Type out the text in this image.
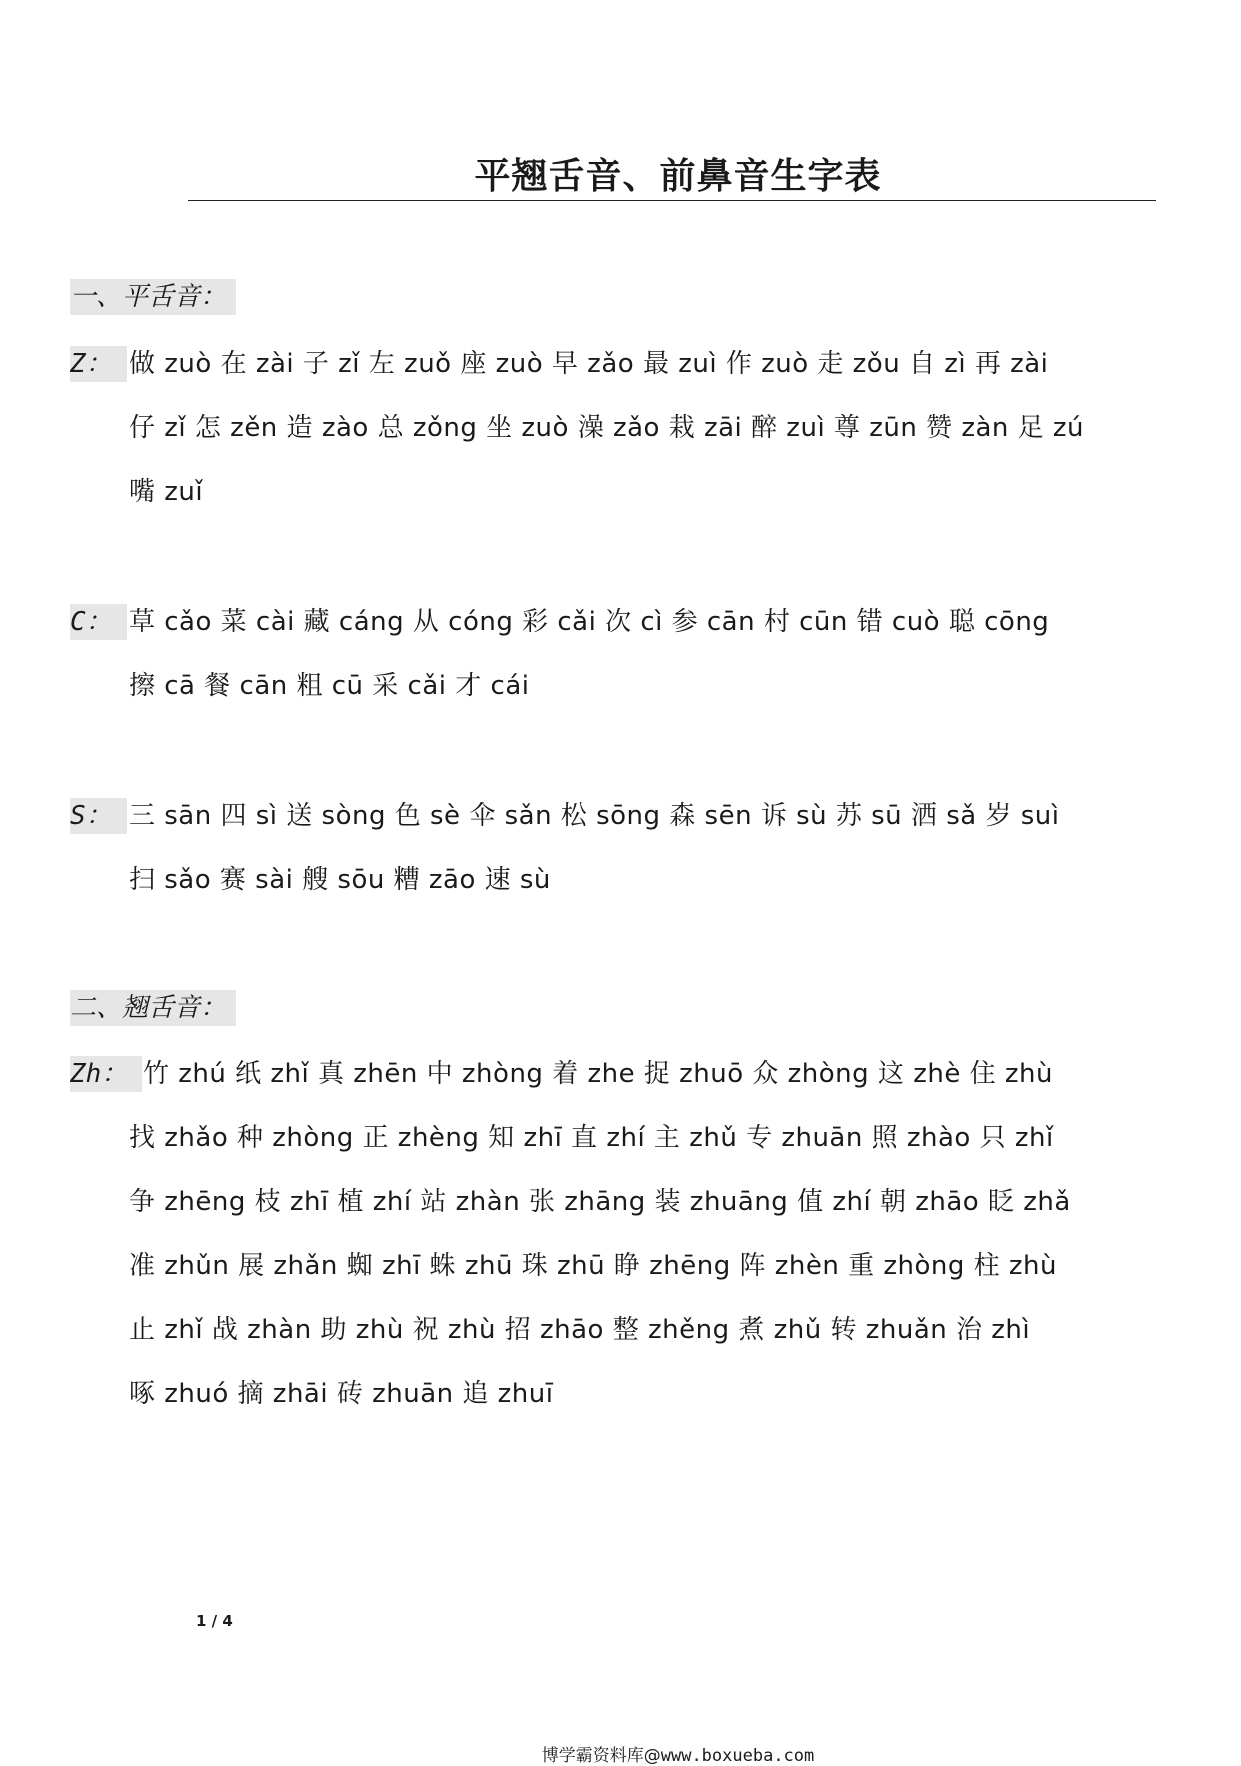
平翘舌音、前鼻音生字表
一、平舌音：
Z： 做 zuò 在 zài 子 zǐ 左 zuǒ 座 zuò 早 zǎo 最 zuì 作 zuò 走 zǒu 自 zì 再 zài
仔 zǐ 怎 zěn 造 zào 总 zǒng 坐 zuò 澡 zǎo 栽 zāi 醉 zuì 尊 zūn 赞 zàn 足 zú
嘴 zuǐ
C： 草 cǎo 菜 cài 藏 cáng 从 cóng 彩 cǎi 次 cì 参 cān 村 cūn 错 cuò 聪 cōng
擦 cā 餐 cān 粗 cū 采 cǎi 才 cái
S： 三 sān 四 sì 送 sòng 色 sè 伞 sǎn 松 sōng 森 sēn 诉 sù 苏 sū 洒 sǎ 岁 suì
扫 sǎo 赛 sài 艘 sōu 糟 zāo 速 sù
二、翘舌音：
Zh： 竹 zhú 纸 zhǐ 真 zhēn 中 zhòng 着 zhe 捉 zhuō 众 zhòng 这 zhè 住 zhù
找 zhǎo 种 zhòng 正 zhèng 知 zhī 直 zhí 主 zhǔ 专 zhuān 照 zhào 只 zhǐ
争 zhēng 枝 zhī 植 zhí 站 zhàn 张 zhāng 装 zhuāng 值 zhí 朝 zhāo 眨 zhǎ
准 zhǔn 展 zhǎn 蜘 zhī 蛛 zhū 珠 zhū 睁 zhēng 阵 zhèn 重 zhòng 柱 zhù
止 zhǐ 战 zhàn 助 zhù 祝 zhù 招 zhāo 整 zhěng 煮 zhǔ 转 zhuǎn 治 zhì
啄 zhuó 摘 zhāi 砖 zhuān 追 zhuī
1 / 4
博学霸资料库@www.boxueba.com
